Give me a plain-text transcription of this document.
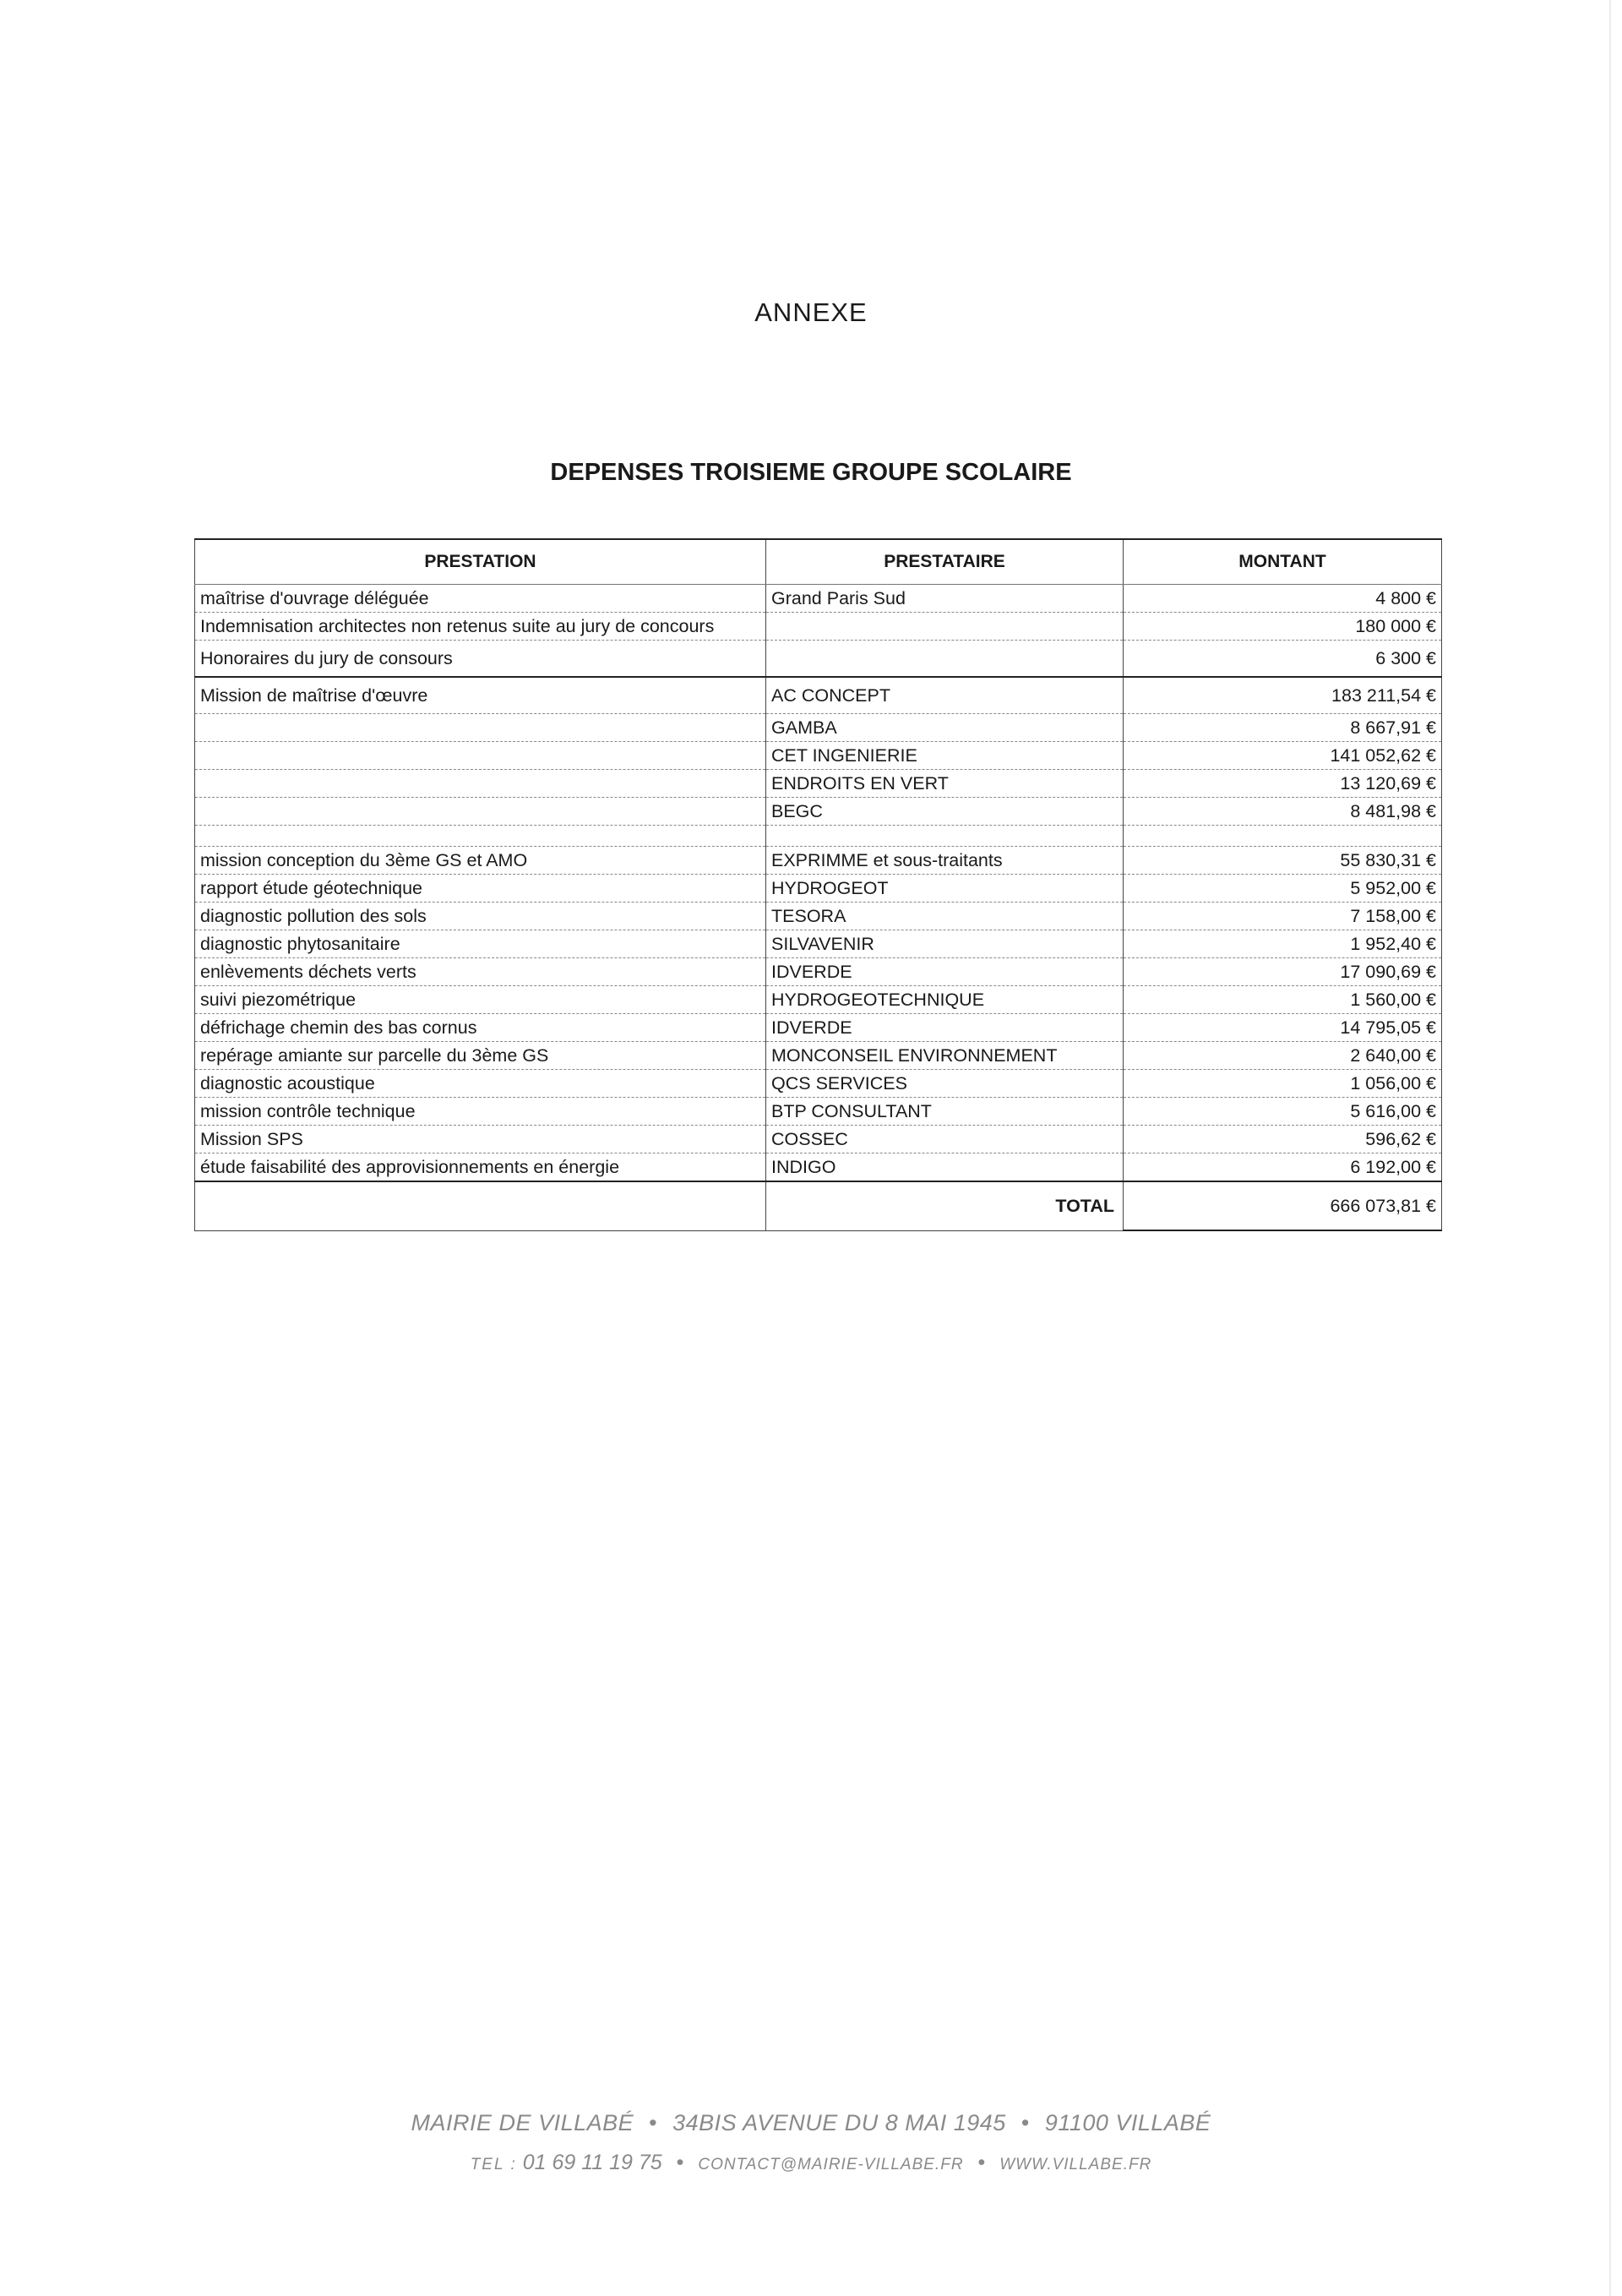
ANNEXE
DEPENSES TROISIEME GROUPE SCOLAIRE
PRESTATION	PRESTATAIRE	MONTANT
maîtrise d'ouvrage déléguée	Grand Paris Sud	4 800 €
Indemnisation architectes non retenus suite au jury de concours		180 000 €
Honoraires du jury de consours		6 300 €
Mission de maîtrise d'œuvre	AC CONCEPT	183 211,54 €
	GAMBA	8 667,91 €
	CET INGENIERIE	141 052,62 €
	ENDROITS EN VERT	13 120,69 €
	BEGC	8 481,98 €

mission conception du 3ème GS et AMO	EXPRIMME et sous-traitants	55 830,31 €
rapport étude géotechnique	HYDROGEOT	5 952,00 €
diagnostic pollution des sols	TESORA	7 158,00 €
diagnostic phytosanitaire	SILVAVENIR	1 952,40 €
enlèvements déchets verts	IDVERDE	17 090,69 €
suivi piezométrique	HYDROGEOTECHNIQUE	1 560,00 €
défrichage chemin des bas cornus	IDVERDE	14 795,05 €
repérage amiante sur parcelle du 3ème GS	MONCONSEIL ENVIRONNEMENT	2 640,00 €
diagnostic acoustique	QCS SERVICES	1 056,00 €
mission contrôle technique	BTP CONSULTANT	5 616,00 €
Mission SPS	COSSEC	596,62 €
étude faisabilité des approvisionnements en énergie	INDIGO	6 192,00 €
	TOTAL	666 073,81 €
MAIRIE DE VILLABÉ • 34BIS AVENUE DU 8 MAI 1945 • 91100 VILLABÉ
TEL : 01 69 11 19 75 • CONTACT@MAIRIE-VILLABE.FR • WWW.VILLABE.FR
